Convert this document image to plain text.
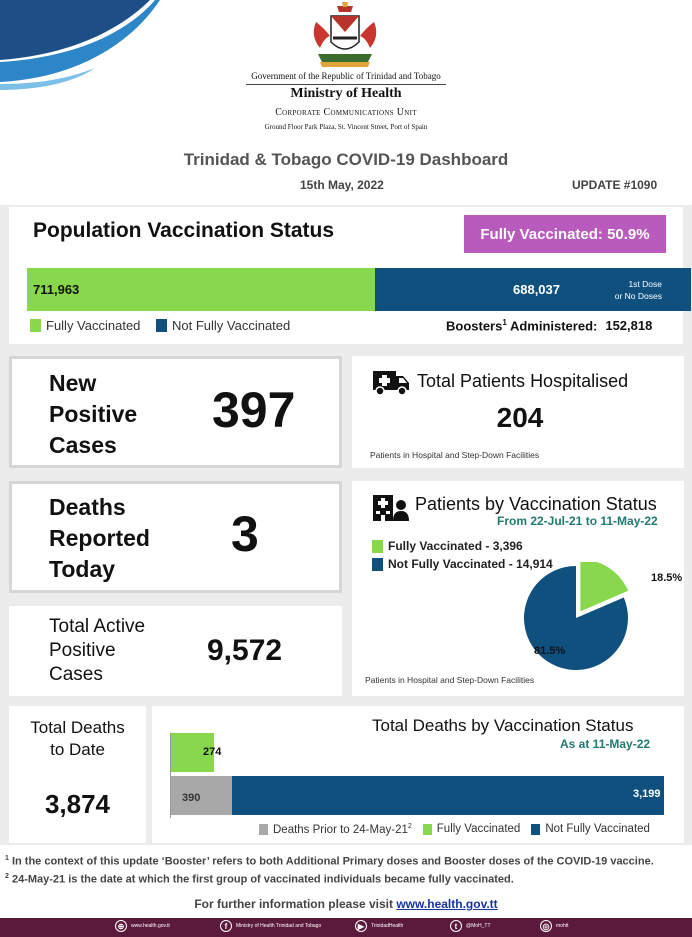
Government of the Republic of Trinidad and Tobago
Ministry of Health
Corporate Communications Unit
Ground Floor Park Plaza, St. Vincent Street, Port of Spain
Trinidad & Tobago COVID-19 Dashboard
15th May, 2022	UPDATE #1090
Population Vaccination Status	Fully Vaccinated: 50.9%
711,963	688,037	1st Dose
or No Doses
Fully Vaccinated Not Fully Vaccinated	Boosters$^1$ Administered: 152,818
New
Positive
Cases
397
Total Patients Hospitalised
204
Patients in Hospital and Step-Down Facilities
Deaths
Reported
Today
3
Total Active
Positive
Cases
9,572
Patients by Vaccination Status
From 22-Jul-21 to 11-May-22
Fully Vaccinated - 3,396
Not Fully Vaccinated - 14,914
18.5%
81.5%
Patients in Hospital and Step-Down Facilities
Total Deaths
to Date
3,874
Total Deaths by Vaccination Status
As at 11-May-22
274
390	3,199
Deaths Prior to $24-May-21^2$ Fully Vaccinated Not Fully Vaccinated
$^1$ In the context of this update ‘Booster’ refers to both Additional Primary doses and Booster doses of the COVID-19 vaccine.
$^2$ 24-May-21 is the date at which the first group of vaccinated individuals became fully vaccinated.
For further information please visit www.health.gov.tt
⊕	www.health.gov.tt	f	Ministry of Health Trinidad and Tobago	▶	TrinidadHealth	t	@MoH_TT	◎	mohtt
